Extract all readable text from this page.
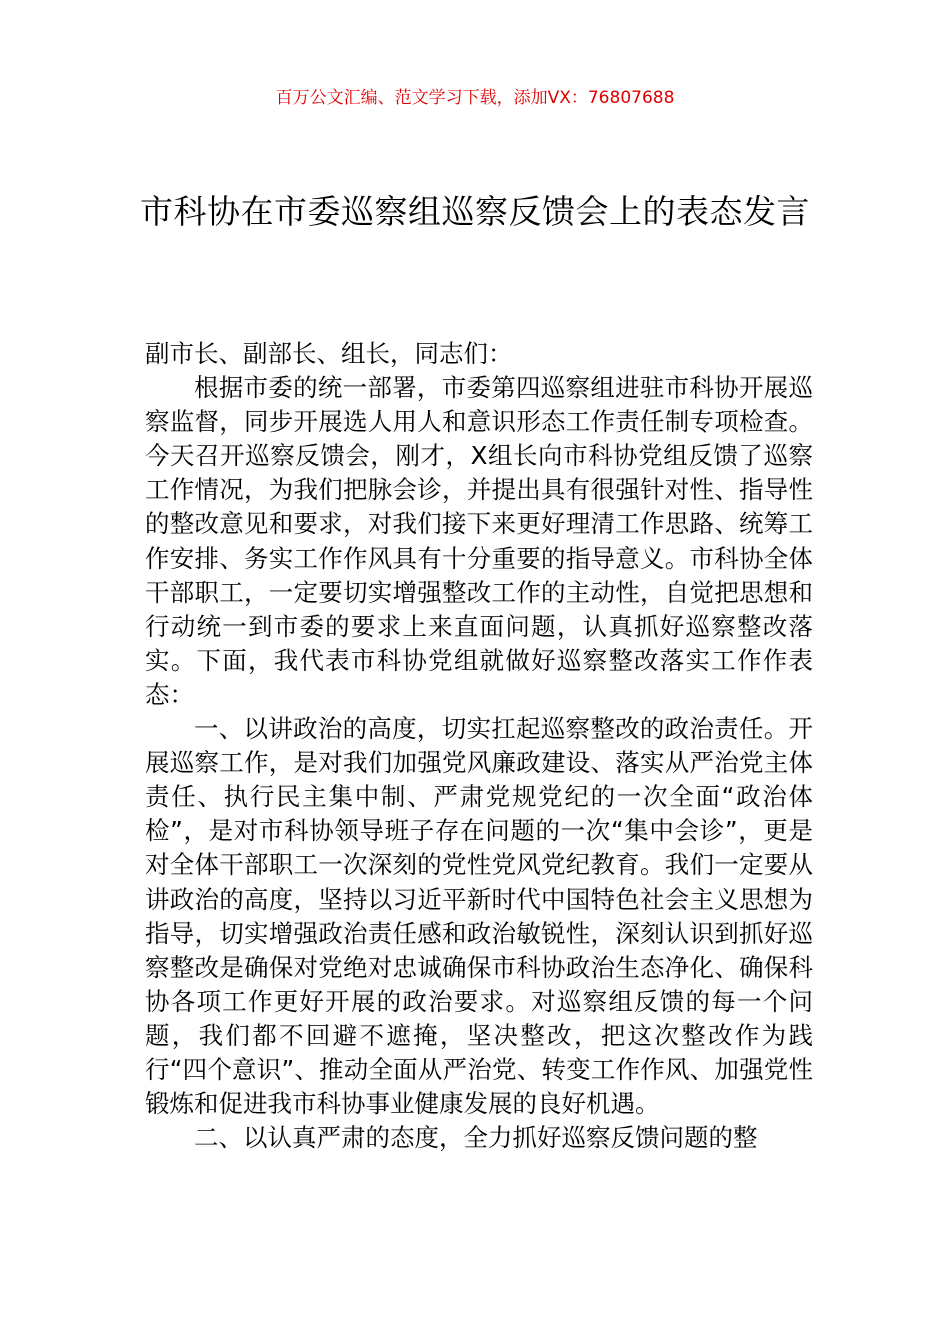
百万公文汇编、范文学习下载，添加VX：76807688
市科协在市委巡察组巡察反馈会上的表态发言

副市长、副部长、组长，同志们：

根据市委的统一部署，市委第四巡察组进驻市科协开展巡察监督，同步开展选人用人和意识形态工作责任制专项检查。今天召开巡察反馈会，刚才，X组长向市科协党组反馈了巡察工作情况，为我们把脉会诊，并提出具有很强针对性、指导性的整改意见和要求，对我们接下来更好理清工作思路、统筹工作安排、务实工作作风具有十分重要的指导意义。市科协全体干部职工，一定要切实增强整改工作的主动性，自觉把思想和行动统一到市委的要求上来直面问题，认真抓好巡察整改落实。下面，我代表市科协党组就做好巡察整改落实工作作表态：

一、以讲政治的高度，切实扛起巡察整改的政治责任。开展巡察工作，是对我们加强党风廉政建设、落实从严治党主体责任、执行民主集中制、严肃党规党纪的一次全面“政治体检”，是对市科协领导班子存在问题的一次“集中会诊”，更是对全体干部职工一次深刻的党性党风党纪教育。我们一定要从讲政治的高度，坚持以习近平新时代中国特色社会主义思想为指导，切实增强政治责任感和政治敏锐性，深刻认识到抓好巡察整改是确保对党绝对忠诚确保市科协政治生态净化、确保科协各项工作更好开展的政治要求。对巡察组反馈的每一个问题，我们都不回避不遮掩，坚决整改，把这次整改作为践行“四个意识”、推动全面从严治党、转变工作作风、加强党性锻炼和促进我市科协事业健康发展的良好机遇。

二、以认真严肃的态度，全力抓好巡察反馈问题的整
